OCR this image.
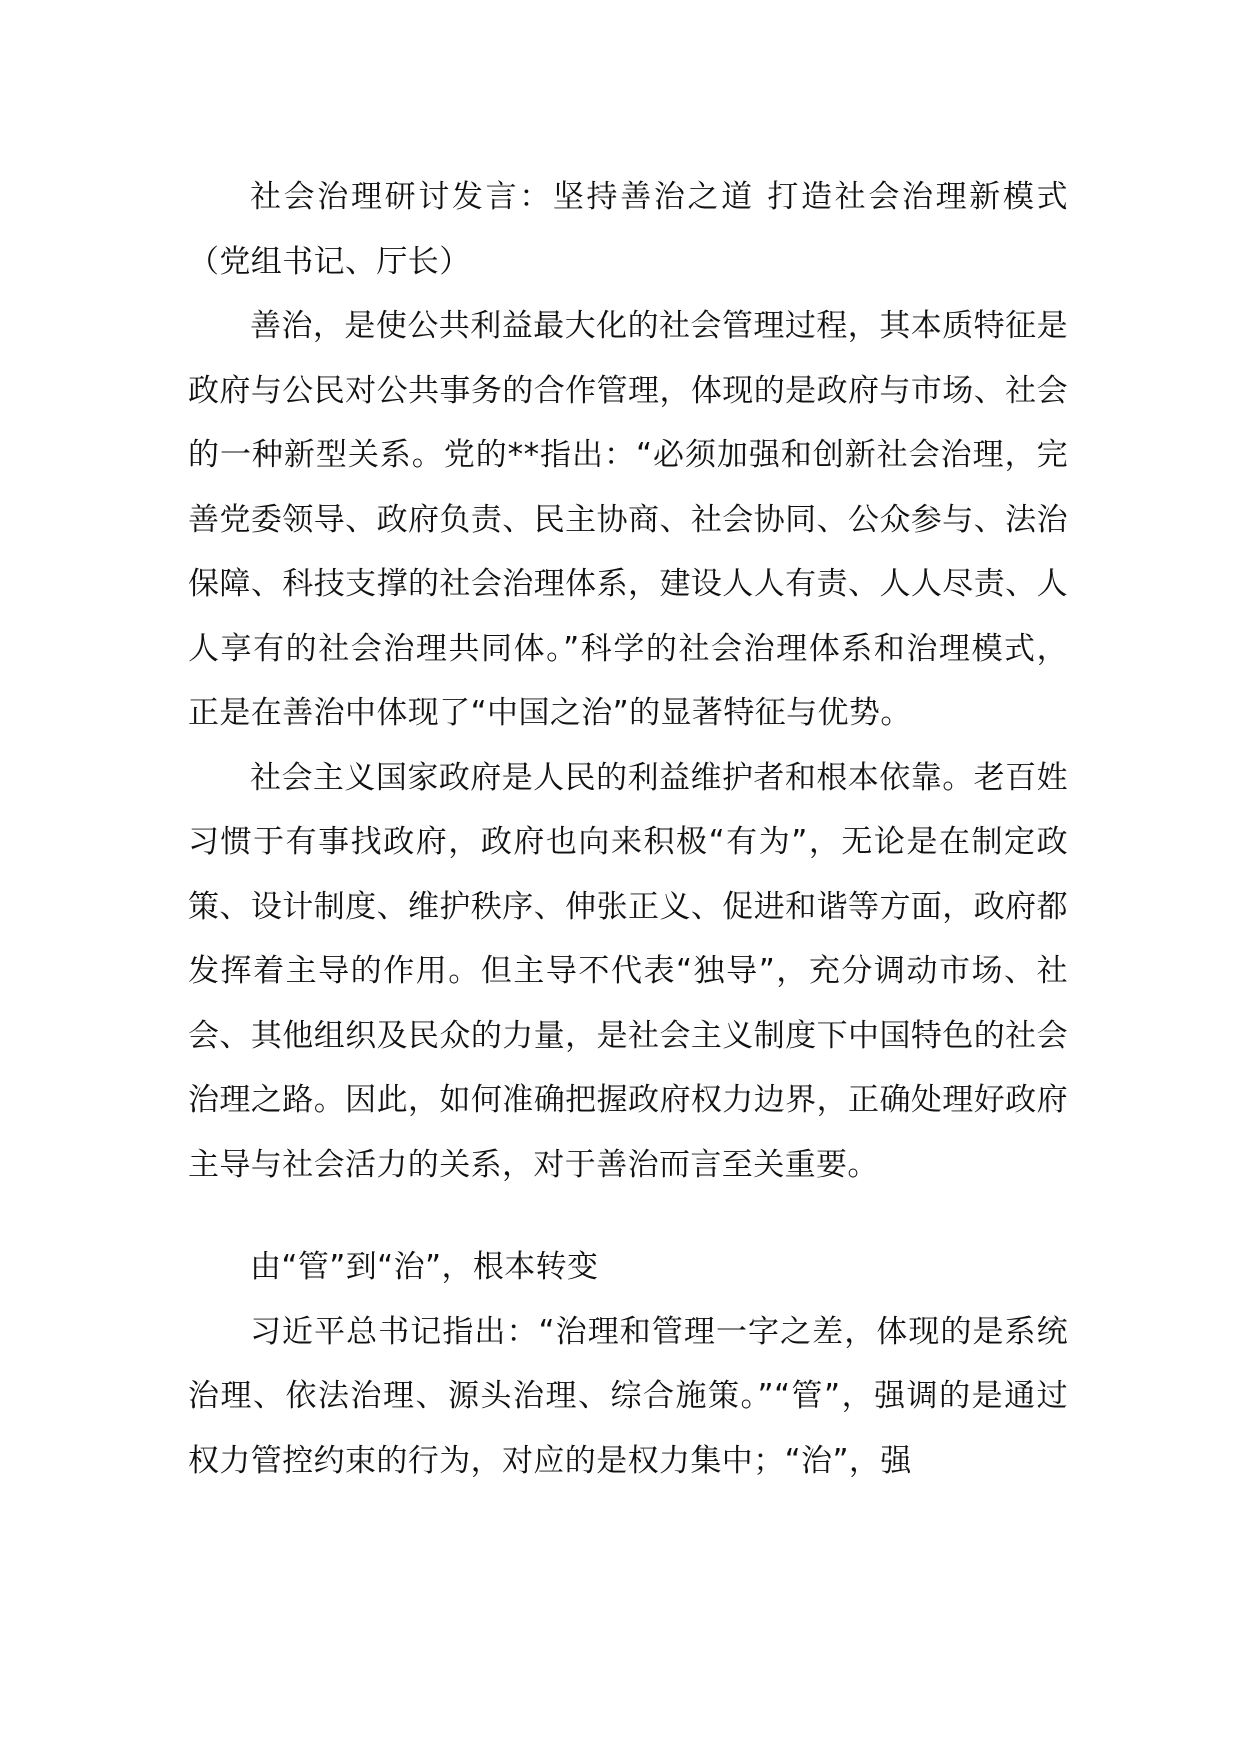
社会治理研讨发言：坚持善治之道 打造社会治理新模式（党组书记、厅长）

善治，是使公共利益最大化的社会管理过程，其本质特征是政府与公民对公共事务的合作管理，体现的是政府与市场、社会的一种新型关系。党的**指出：“必须加强和创新社会治理，完善党委领导、政府负责、民主协商、社会协同、公众参与、法治保障、科技支撑的社会治理体系，建设人人有责、人人尽责、人人享有的社会治理共同体。”科学的社会治理体系和治理模式，正是在善治中体现了“中国之治”的显著特征与优势。

社会主义国家政府是人民的利益维护者和根本依靠。老百姓习惯于有事找政府，政府也向来积极“有为”，无论是在制定政策、设计制度、维护秩序、伸张正义、促进和谐等方面，政府都发挥着主导的作用。但主导不代表“独导”，充分调动市场、社会、其他组织及民众的力量，是社会主义制度下中国特色的社会治理之路。因此，如何准确把握政府权力边界，正确处理好政府主导与社会活力的关系，对于善治而言至关重要。

由“管”到“治”，根本转变

习近平总书记指出：“治理和管理一字之差，体现的是系统治理、依法治理、源头治理、综合施策。”“管”，强调的是通过权力管控约束的行为，对应的是权力集中；“治”，强
